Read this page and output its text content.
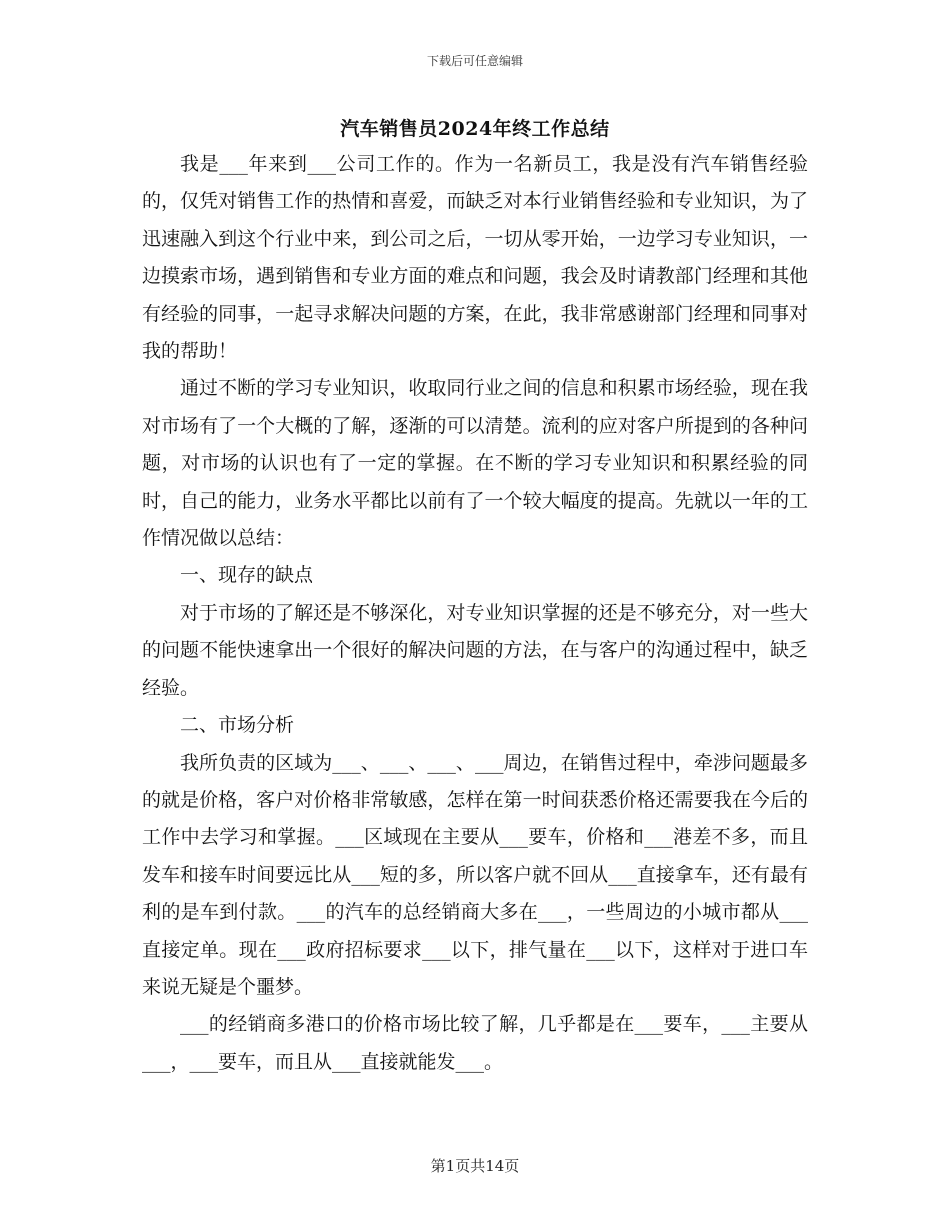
下载后可任意编辑
汽车销售员2024年终工作总结

我是___年来到___公司工作的。作为一名新员工，我是没有汽车销售经验的，仅凭对销售工作的热情和喜爱，而缺乏对本行业销售经验和专业知识，为了迅速融入到这个行业中来，到公司之后，一切从零开始，一边学习专业知识，一边摸索市场，遇到销售和专业方面的难点和问题，我会及时请教部门经理和其他有经验的同事，一起寻求解决问题的方案，在此，我非常感谢部门经理和同事对我的帮助！

通过不断的学习专业知识，收取同行业之间的信息和积累市场经验，现在我对市场有了一个大概的了解，逐渐的可以清楚。流利的应对客户所提到的各种问题，对市场的认识也有了一定的掌握。在不断的学习专业知识和积累经验的同时，自己的能力，业务水平都比以前有了一个较大幅度的提高。先就以一年的工作情况做以总结：

一、现存的缺点

对于市场的了解还是不够深化，对专业知识掌握的还是不够充分，对一些大的问题不能快速拿出一个很好的解决问题的方法，在与客户的沟通过程中，缺乏经验。

二、市场分析

我所负责的区域为___、___、___、___周边，在销售过程中，牵涉问题最多的就是价格，客户对价格非常敏感，怎样在第一时间获悉价格还需要我在今后的工作中去学习和掌握。___区域现在主要从___要车，价格和___港差不多，而且发车和接车时间要远比从___短的多，所以客户就不回从___直接拿车，还有最有利的是车到付款。___的汽车的总经销商大多在___，一些周边的小城市都从___直接定单。现在___政府招标要求___以下，排气量在___以下，这样对于进口车来说无疑是个噩梦。

___的经销商多港口的价格市场比较了解，几乎都是在___要车，___主要从___，___要车，而且从___直接就能发___。

第1页共14页
